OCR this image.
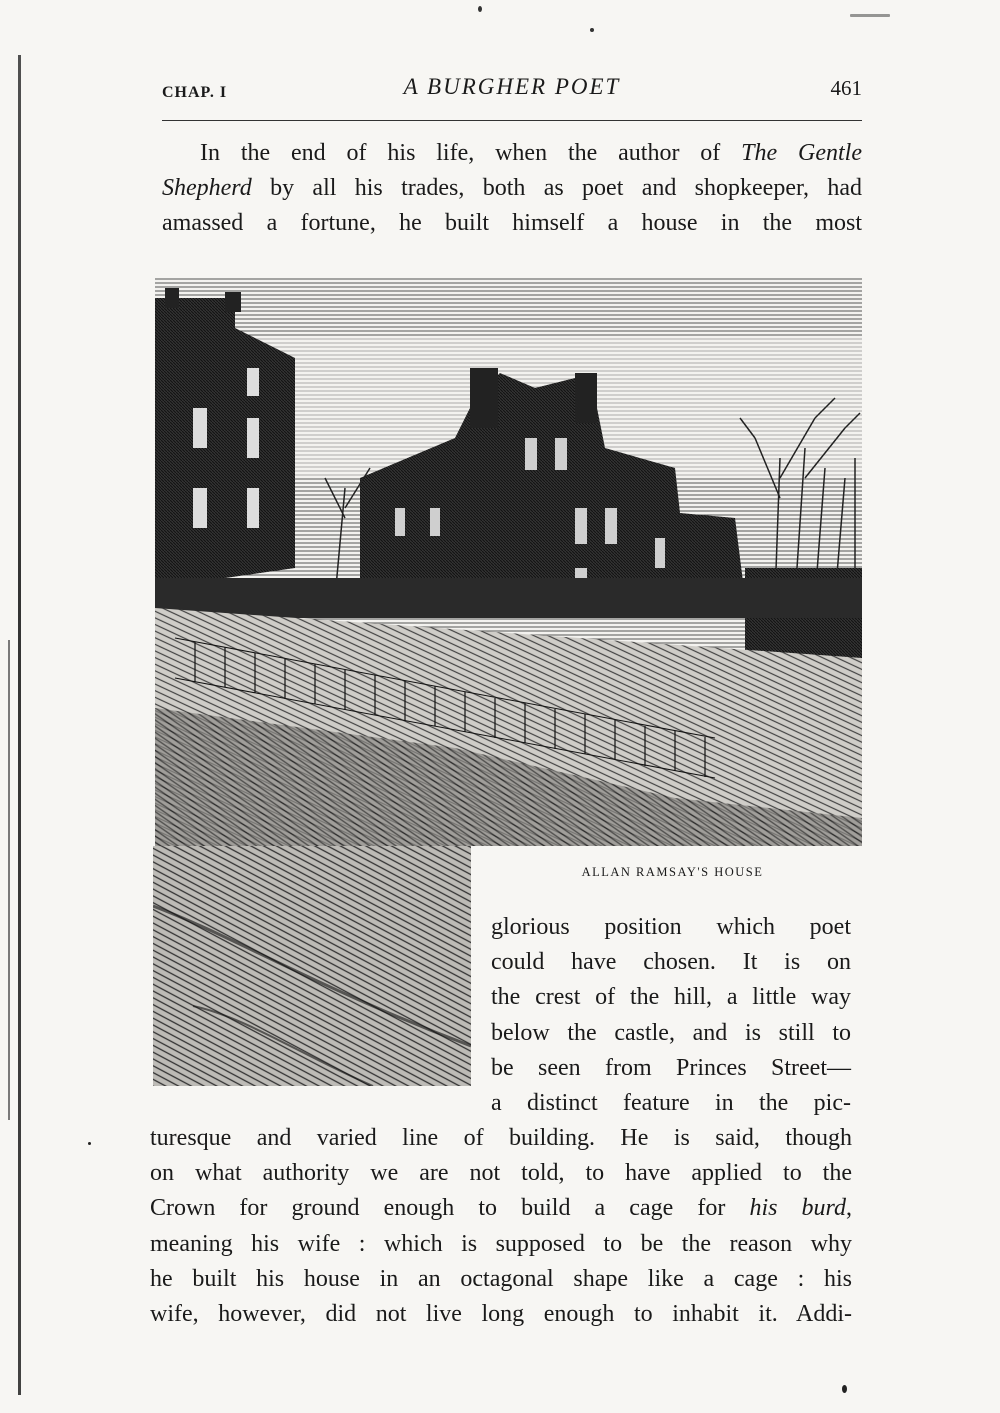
CHAP. I	A BURGHER POET	461
In the end of his life, when the author of The Gentle
Shepherd by all his trades, both as poet and shopkeeper, had
amassed a fortune, he built himself a house in the most
ALLAN RAMSAY'S HOUSE
glorious position which poet
could have chosen. It is on
the crest of the hill, a little way
below the castle, and is still to
be seen from Princes Street—
a distinct feature in the pic-
turesque and varied line of building. He is said, though
on what authority we are not told, to have applied to the
Crown for ground enough to build a cage for his burd,
meaning his wife : which is supposed to be the reason why
he built his house in an octagonal shape like a cage : his
wife, however, did not live long enough to inhabit it. Addi-
